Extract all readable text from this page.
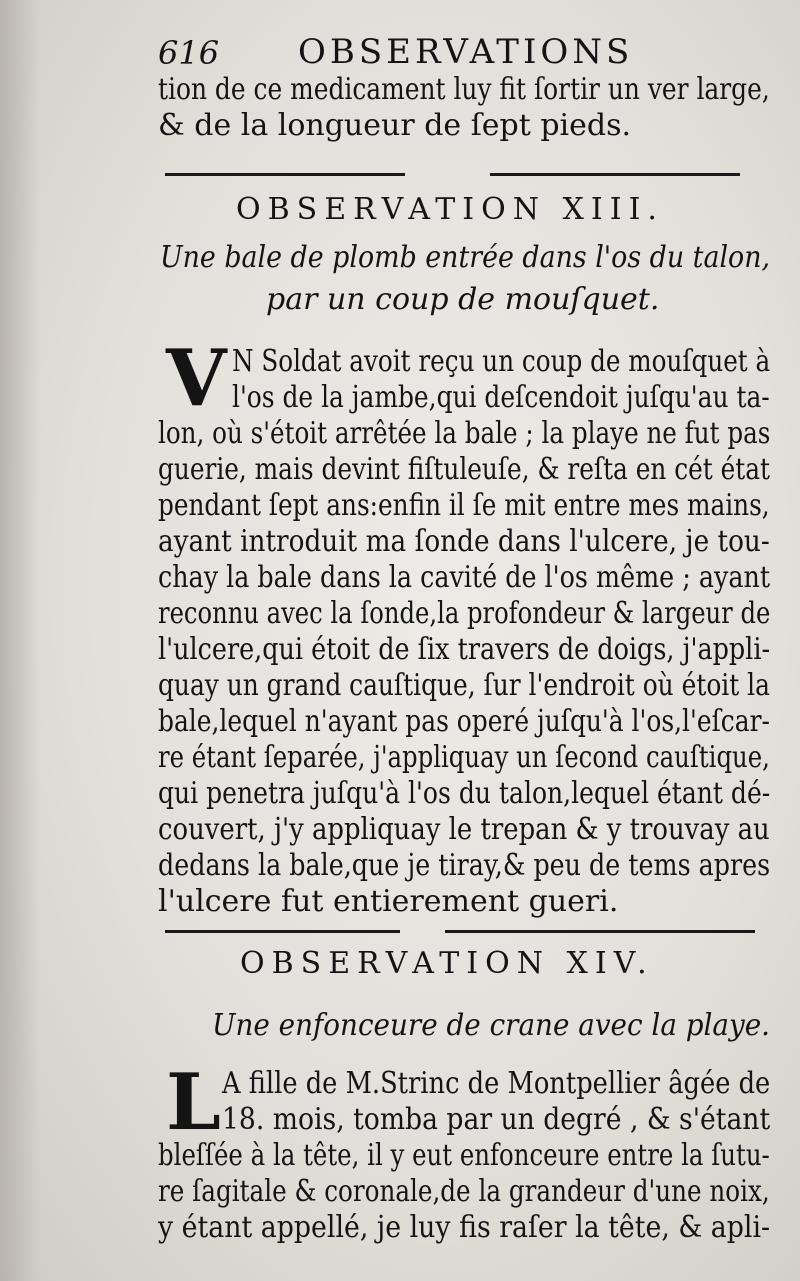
616 OBSERVATIONS
tion de ce medicament luy fit ſortir un ver large,
& de la longueur de ſept pieds.
OBSERVATION XIII.
Une bale de plomb entrée dans l'os du talon,
par un coup de mouſquet.
V N Soldat avoit reçu un coup de mouſquet à
l'os de la jambe,qui deſcendoit juſqu'au ta-
lon, où s'étoit arrêtée la bale ; la playe ne fut pas
guerie, mais devint fiſtuleuſe, & reſta en cét état
pendant ſept ans:enfin il ſe mit entre mes mains,
ayant introduit ma ſonde dans l'ulcere, je tou-
chay la bale dans la cavité de l'os même ; ayant
reconnu avec la ſonde,la profondeur & largeur de
l'ulcere,qui étoit de ſix travers de doigs, j'appli-
quay un grand cauſtique, ſur l'endroit où étoit la
bale,lequel n'ayant pas operé juſqu'à l'os,l'eſcar-
re étant ſeparée, j'appliquay un ſecond cauſtique,
qui penetra juſqu'à l'os du talon,lequel étant dé-
couvert, j'y appliquay le trepan & y trouvay au
dedans la bale,que je tiray,& peu de tems apres
l'ulcere fut entierement gueri.
OBSERVATION XIV.
Une enfonceure de crane avec la playe.
L A fille de M.Strinc de Montpellier âgée de
18. mois, tomba par un degré , & s'étant
bleſſée à la tête, il y eut enfonceure entre la ſutu-
re ſagitale & coronale,de la grandeur d'une noix,
y étant appellé, je luy fis raſer la tête, & apli-
